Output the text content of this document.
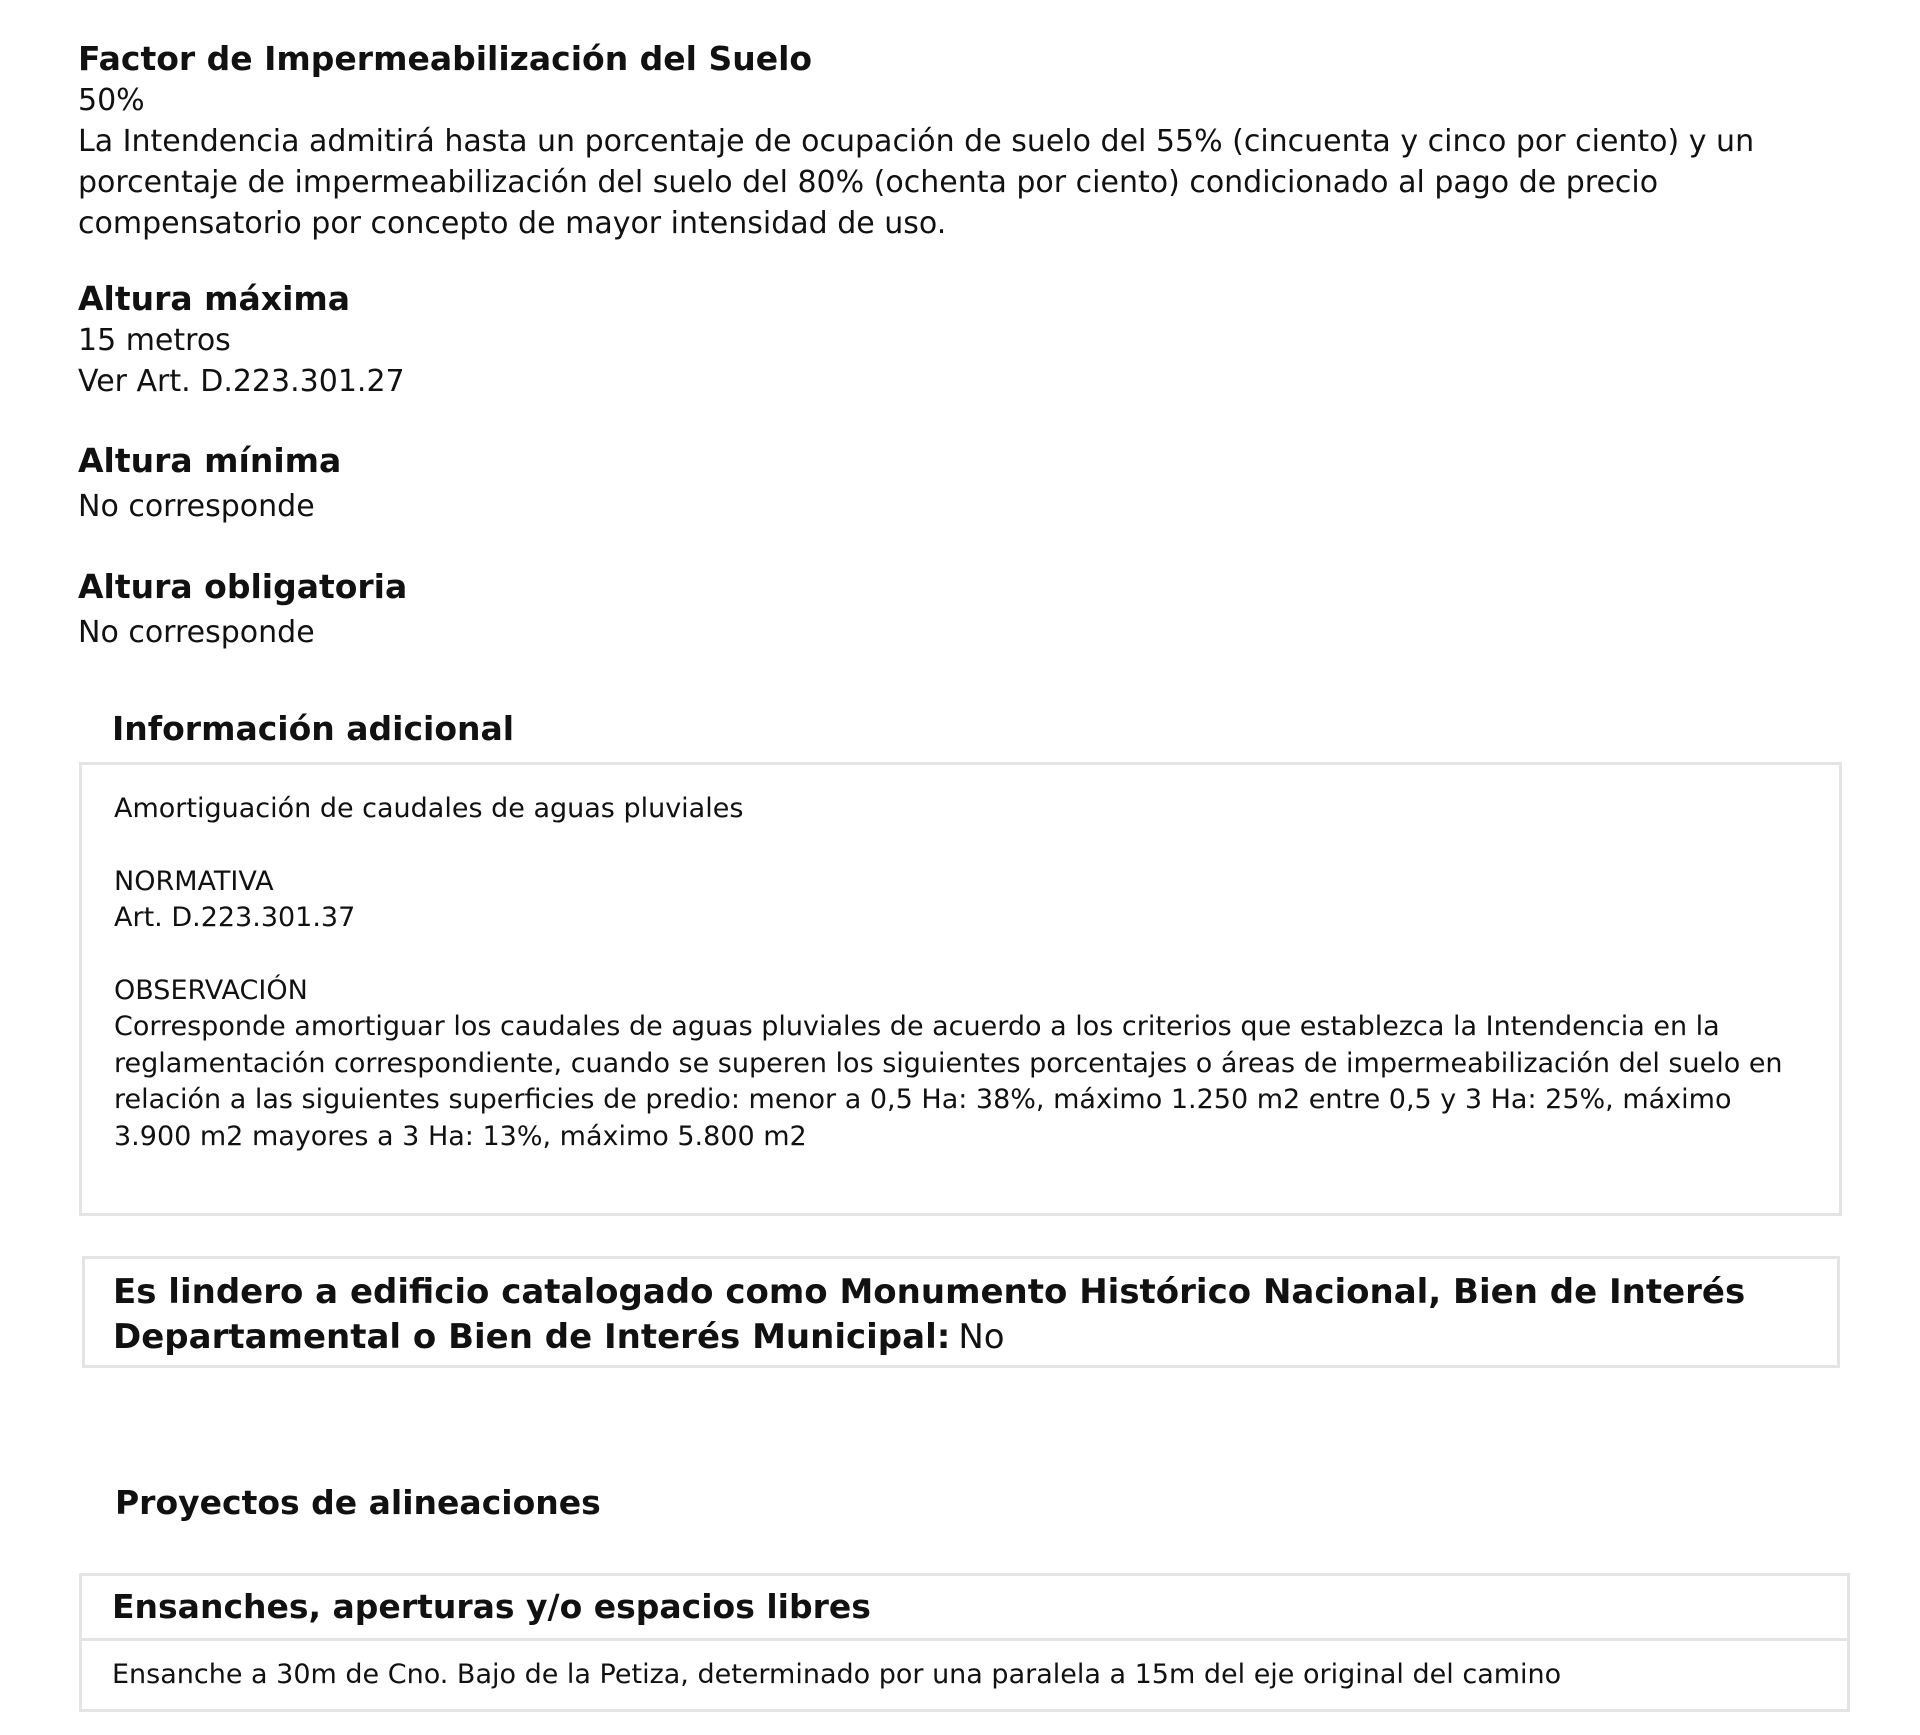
Factor de Impermeabilización del Suelo

50%

La Intendencia admitirá hasta un porcentaje de ocupación de suelo del 55% (cincuenta y cinco por ciento) y un porcentaje de impermeabilización del suelo del 80% (ochenta por ciento) condicionado al pago de precio compensatorio por concepto de mayor intensidad de uso.

Altura máxima

15 metros

Ver Art. D.223.301.27

Altura mínima

No corresponde

Altura obligatoria

No corresponde

Información adicional

Amortiguación de caudales de aguas pluviales

NORMATIVA

Art. D.223.301.37

OBSERVACIÓN

Corresponde amortiguar los caudales de aguas pluviales de acuerdo a los criterios que establezca la Intendencia en la reglamentación correspondiente, cuando se superen los siguientes porcentajes o áreas de impermeabilización del suelo en relación a las siguientes superficies de predio: menor a 0,5 Ha: 38%, máximo 1.250 m2 entre 0,5 y 3 Ha: 25%, máximo 3.900 m2 mayores a 3 Ha: 13%, máximo 5.800 m2

Es lindero a edificio catalogado como Monumento Histórico Nacional, Bien de Interés Departamental o Bien de Interés Municipal: No
Proyectos de alineaciones
Ensanches, aperturas y/o espacios libres
Ensanche a 30m de Cno. Bajo de la Petiza, determinado por una paralela a 15m del eje original del camino
